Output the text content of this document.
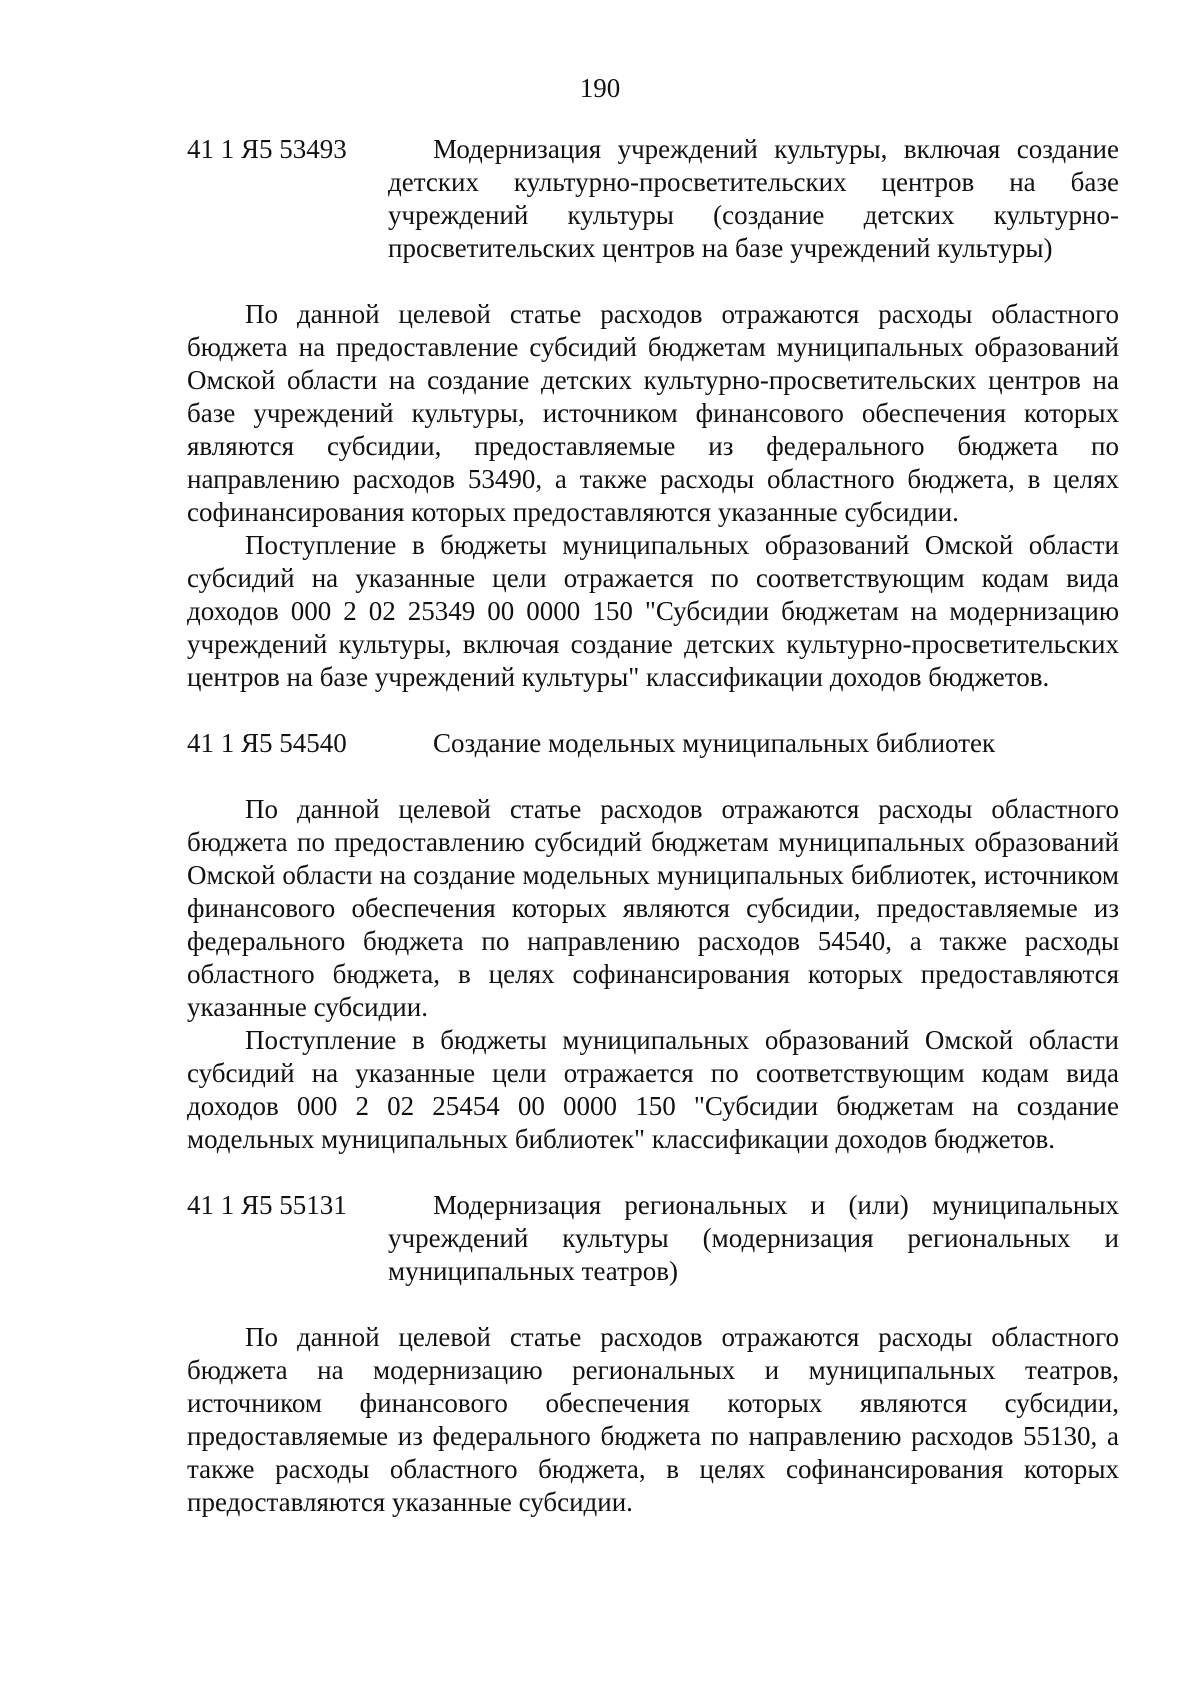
190
41 1 Я5 53493	Модернизация учреждений культуры, включая создание детских культурно-просветительских центров на базе учреждений культуры (создание детских культурно-просветительских центров на базе учреждений культуры)

По данной целевой статье расходов отражаются расходы областного бюджета на предоставление субсидий бюджетам муниципальных образований Омской области на создание детских культурно-просветительских центров на базе учреждений культуры, источником финансового обеспечения которых являются субсидии, предоставляемые из федерального бюджета по направлению расходов 53490, а также расходы областного бюджета, в целях софинансирования которых предоставляются указанные субсидии.

Поступление в бюджеты муниципальных образований Омской области субсидий на указанные цели отражается по соответствующим кодам вида доходов 000 2 02 25349 00 0000 150 "Субсидии бюджетам на модернизацию учреждений культуры, включая создание детских культурно-просветительских центров на базе учреждений культуры" классификации доходов бюджетов.

41 1 Я5 54540	Создание модельных муниципальных библиотек

По данной целевой статье расходов отражаются расходы областного бюджета по предоставлению субсидий бюджетам муниципальных образований Омской области на создание модельных муниципальных библиотек, источником финансового обеспечения которых являются субсидии, предоставляемые из федерального бюджета по направлению расходов 54540, а также расходы областного бюджета, в целях софинансирования которых предоставляются указанные субсидии.

Поступление в бюджеты муниципальных образований Омской области субсидий на указанные цели отражается по соответствующим кодам вида доходов 000 2 02 25454 00 0000 150 "Субсидии бюджетам на создание модельных муниципальных библиотек" классификации доходов бюджетов.

41 1 Я5 55131	Модернизация региональных и (или) муниципальных учреждений культуры (модернизация региональных и муниципальных театров)

По данной целевой статье расходов отражаются расходы областного бюджета на модернизацию региональных и муниципальных театров, источником финансового обеспечения которых являются субсидии, предоставляемые из федерального бюджета по направлению расходов 55130, а также расходы областного бюджета, в целях софинансирования которых предоставляются указанные субсидии.
